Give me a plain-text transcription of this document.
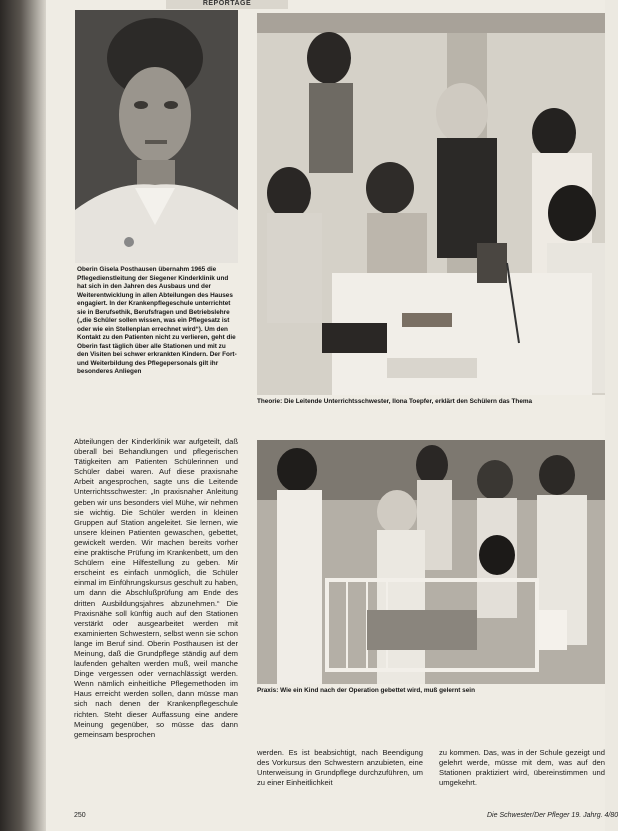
REPORTAGE
Oberin Gisela Posthausen übernahm 1965 die Pflegedienstleitung der Siegener Kinderklinik und hat sich in den Jahren des Ausbaus und der Weiterentwicklung in allen Abteilungen des Hauses engagiert. In der Krankenpflegeschule unterrichtet sie in Berufsethik, Berufsfragen und Betriebslehre („die Schüler sollen wissen, was ein Pflegesatz ist oder wie ein Stellenplan errechnet wird“). Um den Kontakt zu den Patienten nicht zu verlieren, geht die Oberin fast täglich über alle Stationen und mit zu den Visiten bei schwer erkrankten Kindern. Der Fort- und Weiterbildung des Pflegepersonals gilt ihr besonderes Anliegen
Theorie: Die Leitende Unterrichtsschwester, Ilona Toepfer, erklärt den Schülern das Thema
Abteilungen der Kinderklinik war aufgeteilt, daß überall bei Behandlungen und pflegerischen Tätigkeiten am Patienten Schülerinnen und Schüler dabei waren. Auf diese praxisnahe Arbeit angesprochen, sagte uns die Leitende Unterrichtsschwester: „In praxisnaher Anleitung geben wir uns besonders viel Mühe, wir nehmen sie wichtig. Die Schüler werden in kleinen Gruppen auf Station angeleitet. Sie lernen, wie unsere kleinen Patienten gewaschen, gebettet, gewickelt werden. Wir machen bereits vorher eine praktische Prüfung im Krankenbett, um den Schülern eine Hilfestellung zu geben. Mir erscheint es einfach unmöglich, die Schüler einmal im Einführungskursus geschult zu haben, um dann die Abschlußprüfung am Ende des dritten Ausbildungsjahres abzunehmen.“ Die Praxisnähe soll künftig auch auf den Stationen verstärkt oder ausgearbeitet werden mit examinierten Schwestern, selbst wenn sie schon lange im Beruf sind. Oberin Posthausen ist der Meinung, daß die Grundpflege ständig auf dem laufenden gehalten werden muß, weil manche Dinge vergessen oder vernachlässigt werden. Wenn nämlich einheitliche Pflegemethoden im Haus erreicht werden sollen, dann müsse man sich nach denen der Krankenpflegeschule richten. Steht dieser Auffassung eine andere Meinung gegenüber, so müsse das dann gemeinsam besprochen
Praxis: Wie ein Kind nach der Operation gebettet wird, muß gelernt sein
werden. Es ist beabsichtigt, nach Beendigung des Vorkursus den Schwestern anzubieten, eine Unterweisung in Grundpflege durchzuführen, um zu einer Einheitlichkeit
zu kommen. Das, was in der Schule gezeigt und gelehrt werde, müsse mit dem, was auf den Stationen praktiziert wird, übereinstimmen und umgekehrt.
250	Die Schwester/Der Pfleger 19. Jahrg. 4/80
